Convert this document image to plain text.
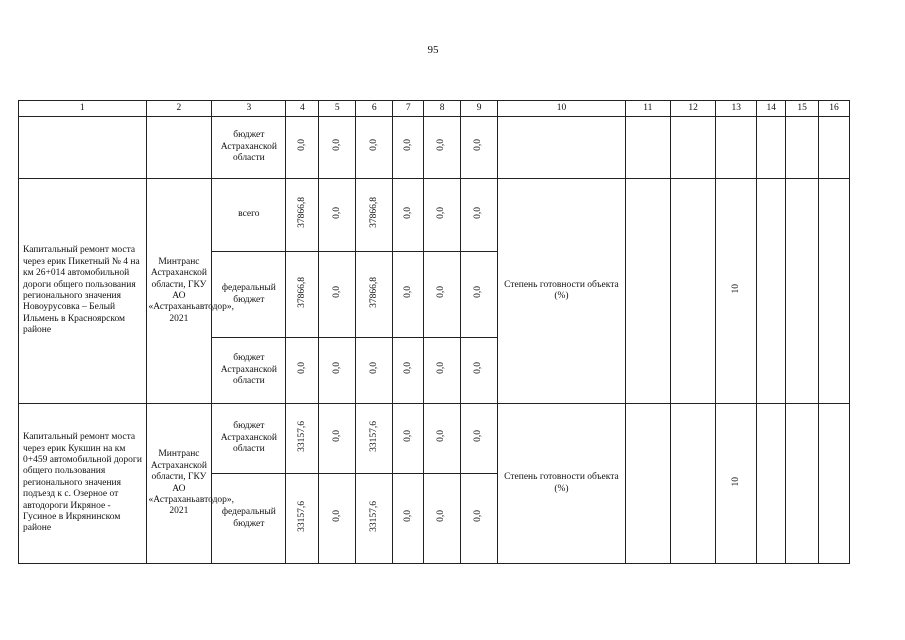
95
1	2	3	4	5	6	7	8	9	10	11	12	13	14	15	16
		бюджет Астраханской области	0,0	0,0	0,0	0,0	0,0	0,0							
Капитальный ремонт моста через ерик Пикетный № 4 на км 26+014 автомобильной дороги общего пользования регионального значения Новоурусовка – Белый Ильмень в Красноярском районе	Минтранс Астраханской области, ГКУ АО «Астраханьавтодор», 2021	всего	37866,8	0,0	37866,8	0,0	0,0	0,0	Степень готовности объекта (%)			10			
		федеральный бюджет	37866,8	0,0	37866,8	0,0	0,0	0,0							
		бюджет Астраханской области	0,0	0,0	0,0	0,0	0,0	0,0							
Капитальный ремонт моста через ерик Кукшин на км 0+459 автомобильной дороги общего пользования регионального значения подъезд к с. Озерное от автодороги Икряное - Гусиное в Икрянинском районе	Минтранс Астраханской области, ГКУ АО «Астраханьавтодор», 2021	бюджет Астраханской области	33157,6	0,0	33157,6	0,0	0,0	0,0	Степень готовности объекта (%)			10			
		федеральный бюджет	33157,6	0,0	33157,6	0,0	0,0	0,0							
